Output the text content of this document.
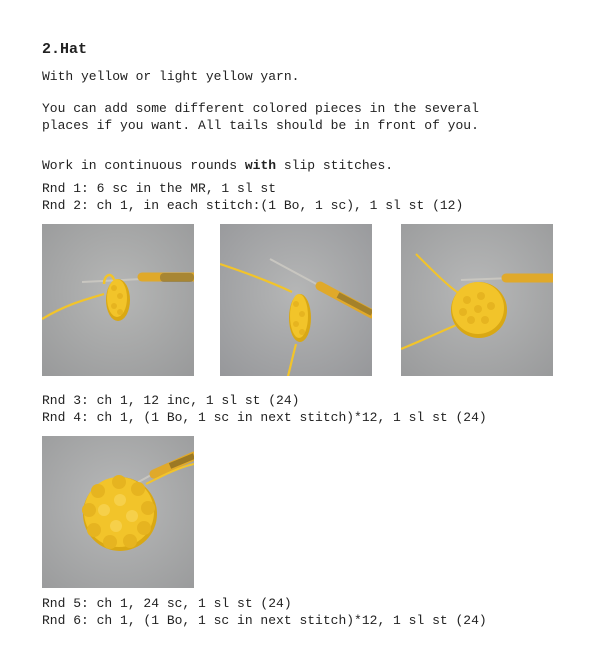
2.Hat

With yellow or light yellow yarn.

You can add some different colored pieces in the several

places if you want. All tails should be in front of you.

Work in continuous rounds with slip stitches.

Rnd 1: 6 sc in the MR, 1 sl st

Rnd 2: ch 1, in each stitch:(1 Bo, 1 sc), 1 sl st (12)

Rnd 3: ch 1, 12 inc, 1 sl st (24)

Rnd 4: ch 1, (1 Bo, 1 sc in next stitch)*12, 1 sl st (24)

Rnd 5: ch 1, 24 sc, 1 sl st (24)

Rnd 6: ch 1, (1 Bo, 1 sc in next stitch)*12, 1 sl st (24)
